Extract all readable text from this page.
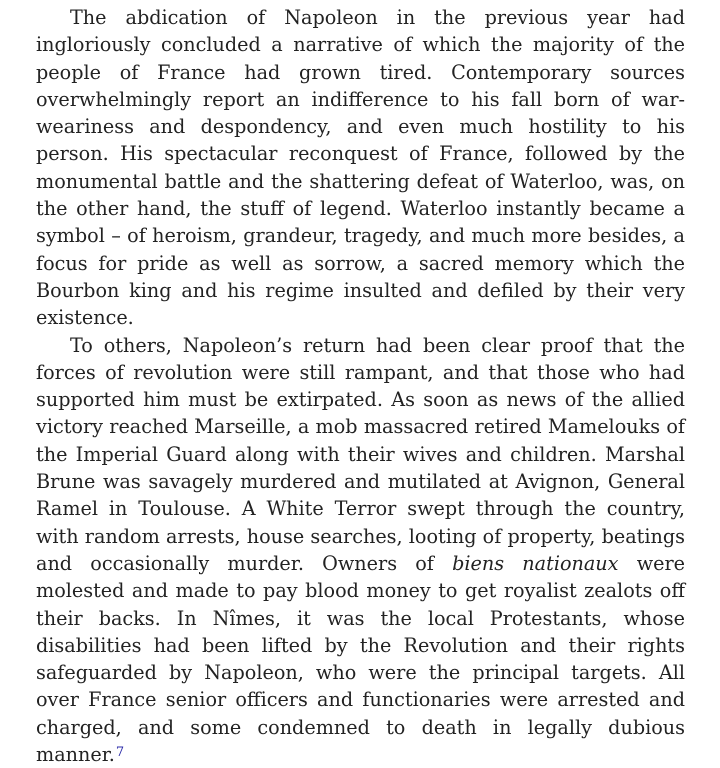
The abdication of Napoleon in the previous year had ingloriously concluded a narrative of which the majority of the people of France had grown tired. Contemporary sources overwhelmingly report an indifference to his fall born of war-weariness and despondency, and even much hostility to his person. His spectacular reconquest of France, followed by the monumental battle and the shattering defeat of Waterloo, was, on the other hand, the stuff of legend. Waterloo instantly became a symbol – of heroism, grandeur, tragedy, and much more besides, a focus for pride as well as sorrow, a sacred memory which the Bourbon king and his regime insulted and defiled by their very existence.

To others, Napoleon’s return had been clear proof that the forces of revolution were still rampant, and that those who had supported him must be extirpated. As soon as news of the allied victory reached Marseille, a mob massacred retired Mamelouks of the Imperial Guard along with their wives and children. Marshal Brune was savagely murdered and mutilated at Avignon, General Ramel in Toulouse. A White Terror swept through the country, with random arrests, house searches, looting of property, beatings and occasionally murder. Owners of biens nationaux were molested and made to pay blood money to get royalist zealots off their backs. In Nîmes, it was the local Protestants, whose disabilities had been lifted by the Revolution and their rights safeguarded by Napoleon, who were the principal targets. All over France senior officers and functionaries were arrested and charged, and some condemned to death in legally dubious manner.$^7$
